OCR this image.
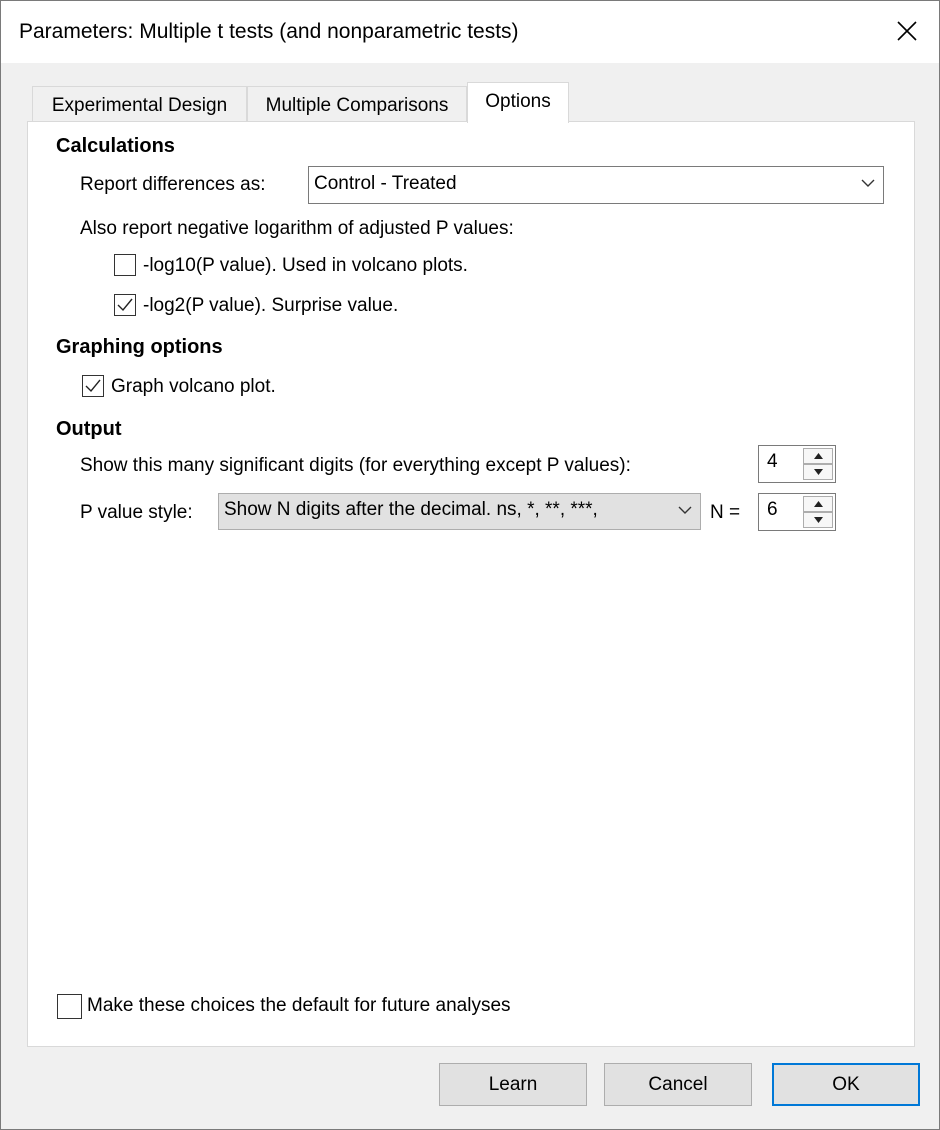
Parameters: Multiple t tests (and nonparametric tests)
Experimental Design	Multiple Comparisons	Options
Calculations
Report differences as:	Control - Treated
Also report negative logarithm of adjusted P values:
-log10(P value). Used in volcano plots.
-log2(P value). Surprise value.
Graphing options
Graph volcano plot.
Output
Show this many significant digits (for everything except P values):	4
P value style: Show N digits after the decimal. ns, *, **, ***,	N = 6
Make these choices the default for future analyses
Learn	Cancel	OK
